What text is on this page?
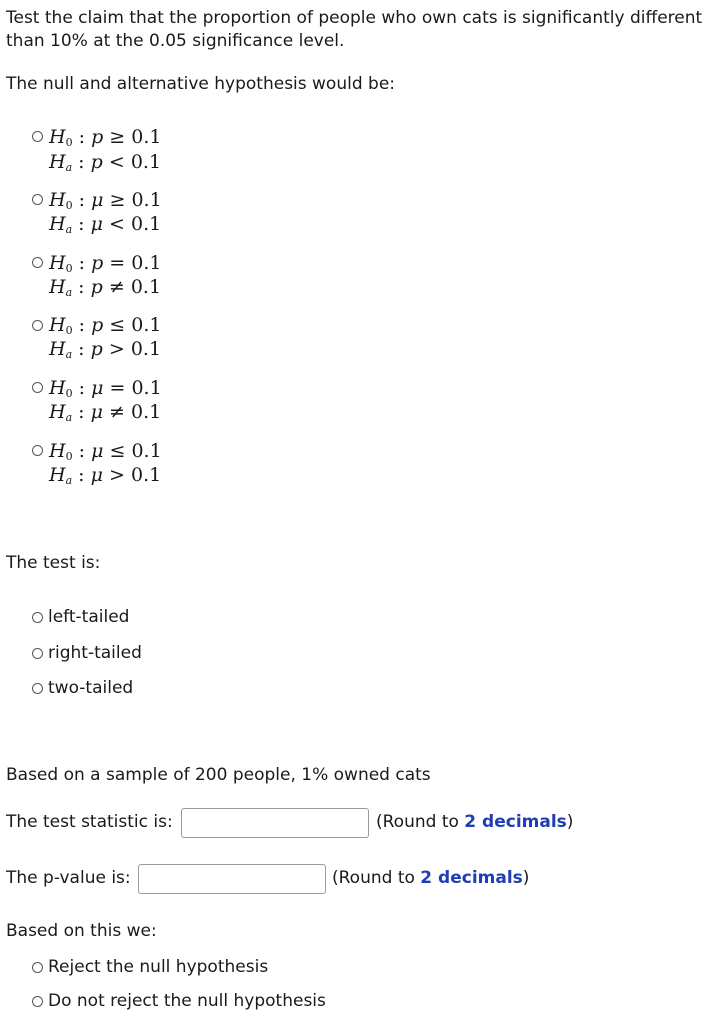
Test the claim that the proportion of people who own cats is significantly different
than 10% at the 0.05 significance level.
The null and alternative hypothesis would be:
$H_0$ : p ≥ 0.1
$H_a$ : p < 0.1
$H_0$ : μ ≥ 0.1
$H_a$ : μ < 0.1
$H_0$ : p = 0.1
$H_a$ : p ≠ 0.1
$H_0$ : p ≤ 0.1
$H_a$ : p > 0.1
$H_0$ : μ = 0.1
$H_a$ : μ ≠ 0.1
$H_0$ : μ ≤ 0.1
$H_a$ : μ > 0.1
The test is:
left-tailed
right-tailed
two-tailed
Based on a sample of 200 people, 1% owned cats
The test statistic is:	(Round to 2 decimals)
The p-value is:	(Round to 2 decimals)
Based on this we:
Reject the null hypothesis
Do not reject the null hypothesis
